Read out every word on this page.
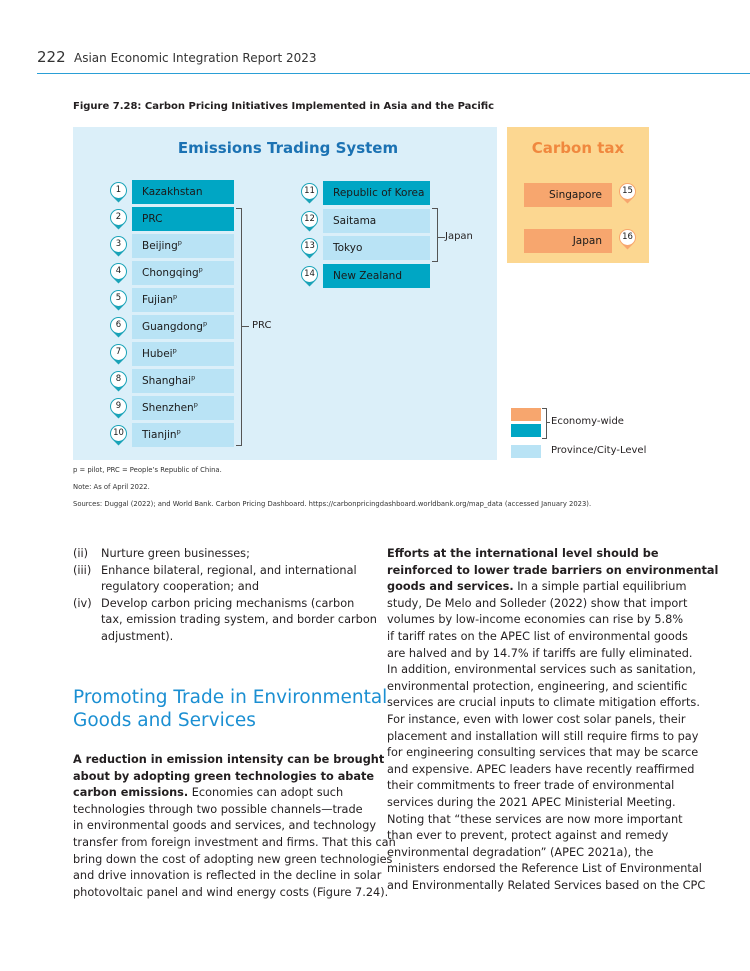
222 Asian Economic Integration Report 2023
Figure 7.28: Carbon Pricing Initiatives Implemented in Asia and the Pacific
Emissions Trading System	Carbon tax
1	Kazakhstan
2	PRC
3	Beijing$^p$
4	Chongqing$^p$
5	Fujian$^p$
6	Guangdong$^p$
7	Hubei$^p$
8	Shanghai$^p$
9	Shenzhen$^p$
10	Tianjin$^p$
11	Republic of Korea
12	Saitama
13	Tokyo
14	New Zealand
Singapore	15
Japan	16
PRC
Japan
Economy-wide
Province/City-Level
p = pilot, PRC = People’s Republic of China.
Note: As of April 2022.
Sources: Duggal (2022); and World Bank. Carbon Pricing Dashboard. https://carbonpricingdashboard.worldbank.org/map_data (accessed January 2023).
(ii) Nurture green businesses;
(iii) Enhance bilateral, regional, and international
regulatory cooperation; and
(iv) Develop carbon pricing mechanisms (carbon
tax, emission trading system, and border carbon
adjustment).
Promoting Trade in Environmental
Goods and Services
A reduction in emission intensity can be brought
about by adopting green technologies to abate
carbon emissions. Economies can adopt such
technologies through two possible channels—trade
in environmental goods and services, and technology
transfer from foreign investment and firms. That this can
bring down the cost of adopting new green technologies
and drive innovation is reflected in the decline in solar
photovoltaic panel and wind energy costs (Figure 7.24).
Efforts at the international level should be
reinforced to lower trade barriers on environmental
goods and services. In a simple partial equilibrium
study, De Melo and Solleder (2022) show that import
volumes by low-income economies can rise by 5.8%
if tariff rates on the APEC list of environmental goods
are halved and by 14.7% if tariffs are fully eliminated.
In addition, environmental services such as sanitation,
environmental protection, engineering, and scientific
services are crucial inputs to climate mitigation efforts.
For instance, even with lower cost solar panels, their
placement and installation will still require firms to pay
for engineering consulting services that may be scarce
and expensive. APEC leaders have recently reaffirmed
their commitments to freer trade of environmental
services during the 2021 APEC Ministerial Meeting.
Noting that “these services are now more important
than ever to prevent, protect against and remedy
environmental degradation” (APEC 2021a), the
ministers endorsed the Reference List of Environmental
and Environmentally Related Services based on the CPC
